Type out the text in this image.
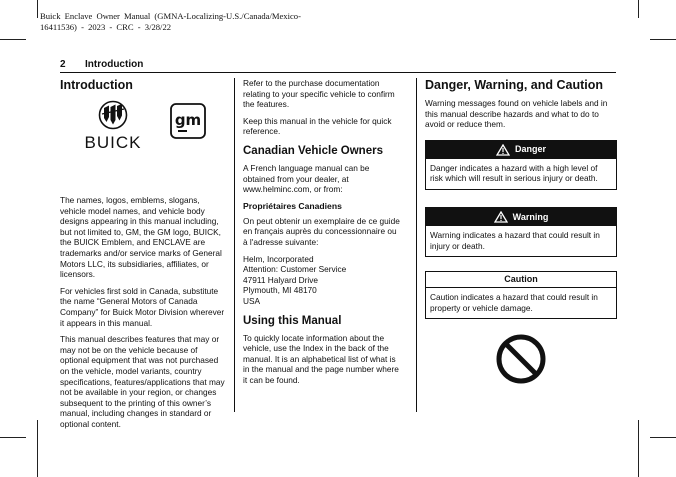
Buick Enclave Owner Manual (GMNA-Localizing-U.S./Canada/Mexico-
16411536) - 2023 - CRC - 3/28/22
2 Introduction
Introduction
BUICK
gm

The names, logos, emblems, slogans, vehicle model names, and vehicle body designs appearing in this manual including, but not limited to, GM, the GM logo, BUICK, the BUICK Emblem, and ENCLAVE are trademarks and/or service marks of General Motors LLC, its subsidiaries, affiliates, or licensors.

For vehicles first sold in Canada, substitute the name “General Motors of Canada Company” for Buick Motor Division wherever it appears in this manual.

This manual describes features that may or may not be on the vehicle because of optional equipment that was not purchased on the vehicle, model variants, country specifications, features/applications that may not be available in your region, or changes subsequent to the printing of this owner’s manual, including changes in standard or optional content.

Refer to the purchase documentation relating to your specific vehicle to confirm the features.

Keep this manual in the vehicle for quick reference.

Canadian Vehicle Owners

A French language manual can be obtained from your dealer, at www.helminc.com, or from:

Propriétaires Canadiens

On peut obtenir un exemplaire de ce guide en français auprès du concessionnaire ou à l'adresse suivante:

Helm, Incorporated
Attention: Customer Service
47911 Halyard Drive
Plymouth, MI 48170
USA

Using this Manual

To quickly locate information about the vehicle, use the Index in the back of the manual. It is an alphabetical list of what is in the manual and the page number where it can be found.

Danger, Warning, and Caution

Warning messages found on vehicle labels and in this manual describe hazards and what to do to avoid or reduce them.

Danger
Danger indicates a hazard with a high level of risk which will result in serious injury or death.
Warning
Warning indicates a hazard that could result in injury or death.
Caution
Caution indicates a hazard that could result in property or vehicle damage.
